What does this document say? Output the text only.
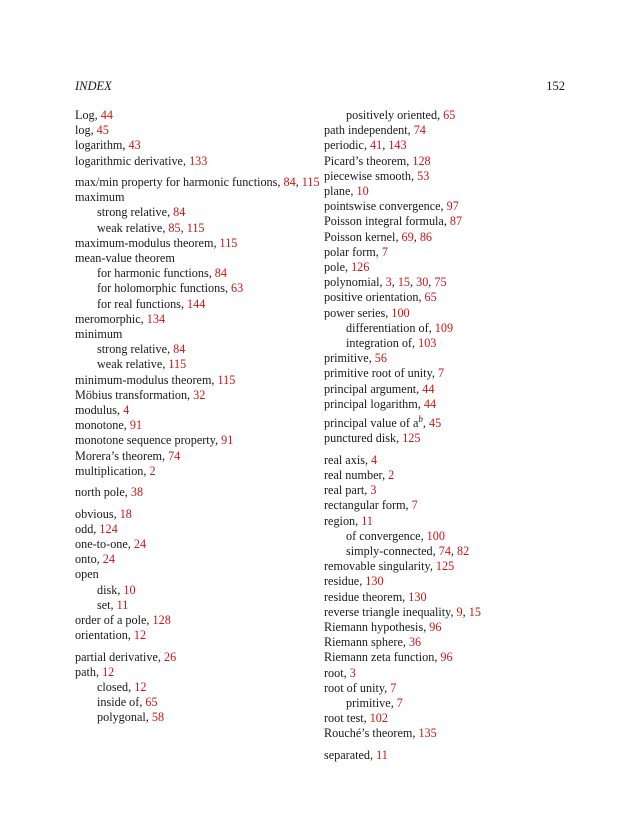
INDEX	152
Log, 44
log, 45
logarithm, 43
logarithmic derivative, 133
max/min property for harmonic functions, 84, 115
maximum
strong relative, 84
weak relative, 85, 115
maximum-modulus theorem, 115
mean-value theorem
for harmonic functions, 84
for holomorphic functions, 63
for real functions, 144
meromorphic, 134
minimum
strong relative, 84
weak relative, 115
minimum-modulus theorem, 115
Möbius transformation, 32
modulus, 4
monotone, 91
monotone sequence property, 91
Morera’s theorem, 74
multiplication, 2
north pole, 38
obvious, 18
odd, 124
one-to-one, 24
onto, 24
open
disk, 10
set, 11
order of a pole, 128
orientation, 12
partial derivative, 26
path, 12
closed, 12
inside of, 65
polygonal, 58
positively oriented, 65
path independent, 74
periodic, 41, 143
Picard’s theorem, 128
piecewise smooth, 53
plane, 10
pointswise convergence, 97
Poisson integral formula, 87
Poisson kernel, 69, 86
polar form, 7
pole, 126
polynomial, 3, 15, 30, 75
positive orientation, 65
power series, 100
differentiation of, 109
integration of, 103
primitive, 56
primitive root of unity, 7
principal argument, 44
principal logarithm, 44
principal value of $a^b$, 45
punctured disk, 125
real axis, 4
real number, 2
real part, 3
rectangular form, 7
region, 11
of convergence, 100
simply-connected, 74, 82
removable singularity, 125
residue, 130
residue theorem, 130
reverse triangle inequality, 9, 15
Riemann hypothesis, 96
Riemann sphere, 36
Riemann zeta function, 96
root, 3
root of unity, 7
primitive, 7
root test, 102
Rouché’s theorem, 135
separated, 11
